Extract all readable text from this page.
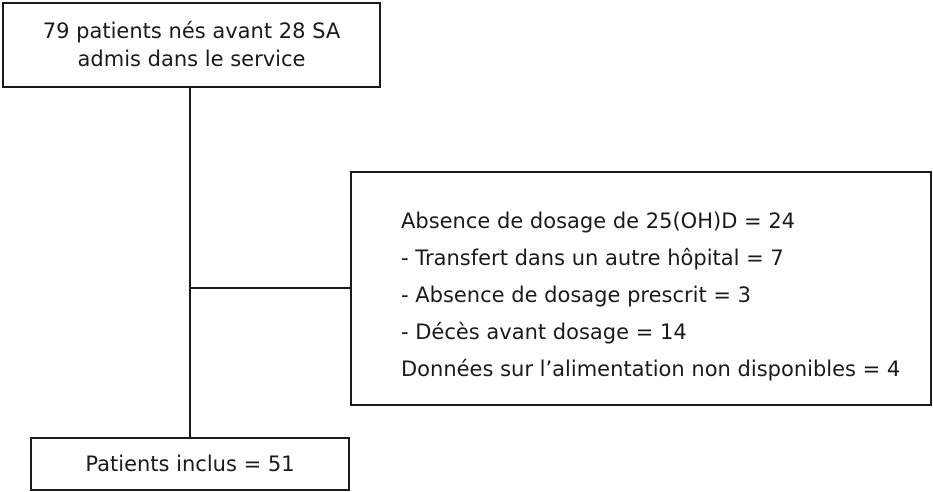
79 patients nés avant 28 SA
admis dans le service
Absence de dosage de 25(OH)D = 24
- Transfert dans un autre hôpital = 7
- Absence de dosage prescrit = 3
- Décès avant dosage = 14
Données sur l’alimentation non disponibles = 4
Patients inclus = 51
